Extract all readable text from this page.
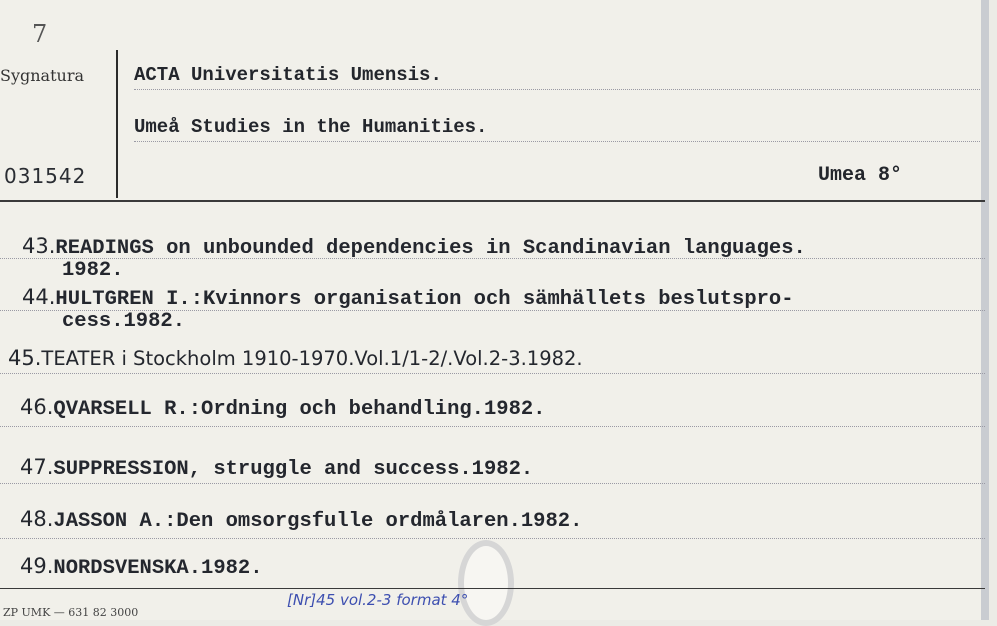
7
Sygnatura
031542
ACTA Universitatis Umensis.
Umeå Studies in the Humanities.
Umea 8°
43.READINGS on unbounded dependencies in Scandinavian languages.
1982.
44.HULTGREN I.:Kvinnors organisation och sämhällets beslutspro-
cess.1982.
45.TEATER i Stockholm 1910-1970.Vol.1/1-2/.Vol.2-3.1982.
46.QVARSELL R.:Ordning och behandling.1982.
47.SUPPRESSION, struggle and success.1982.
48.JASSON A.:Den omsorgsfulle ordmålaren.1982.
49.NORDSVENSKA.1982.
[Nr]45 vol.2-3 format 4°
ZP UMK — 631 82 3000
